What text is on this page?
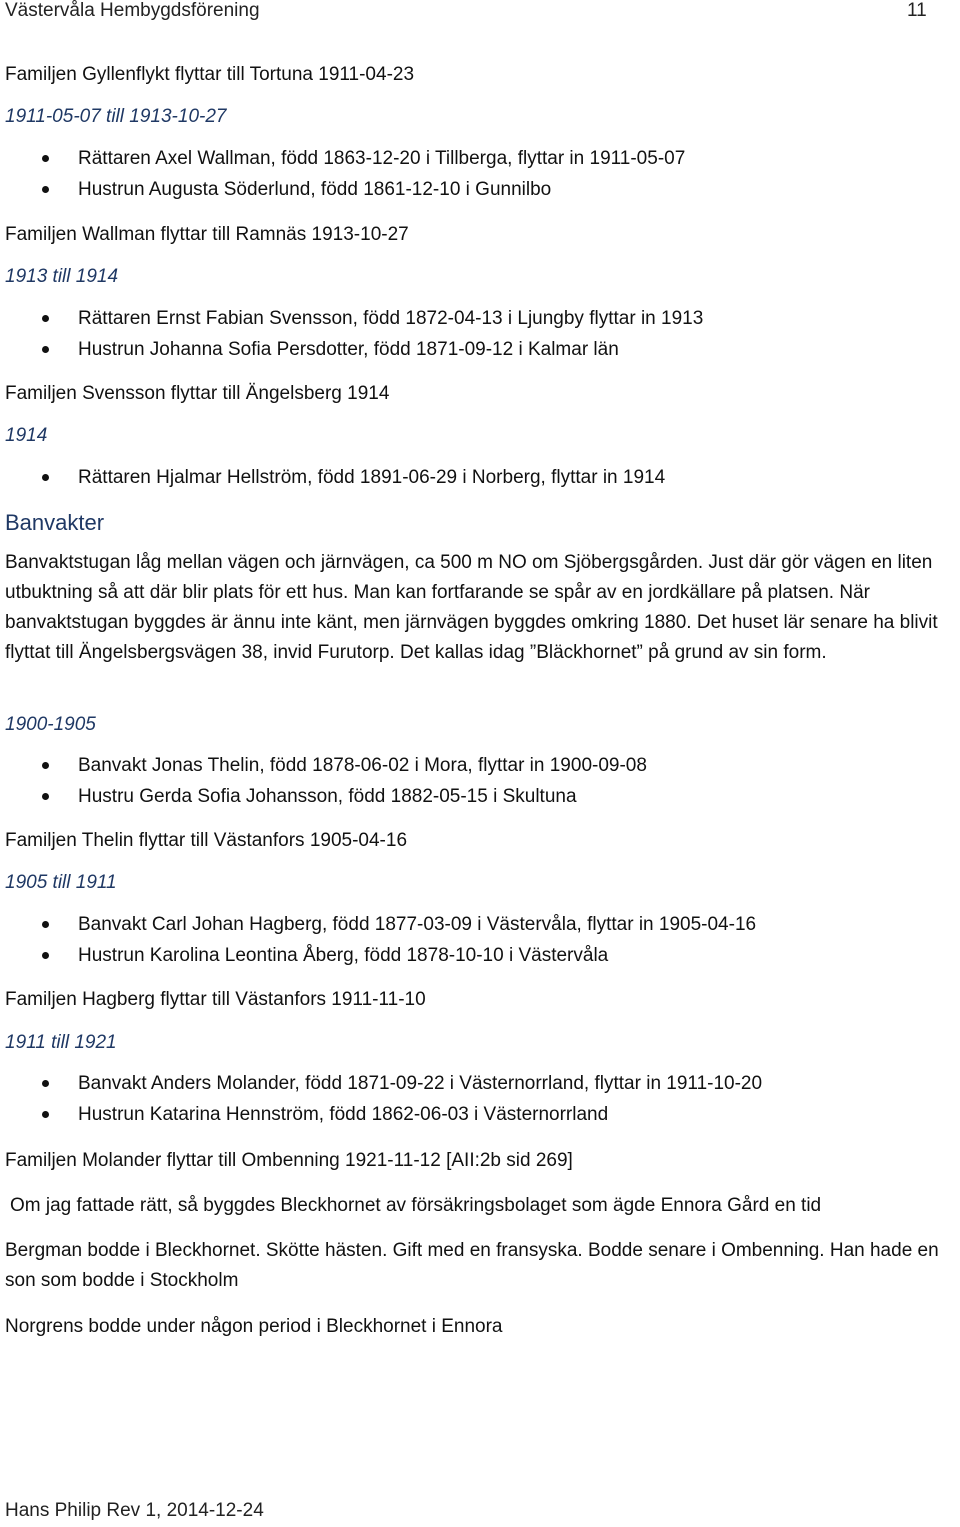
Västervåla Hembygdsförening	11
Familjen Gyllenflykt flyttar till Tortuna 1911-04-23
1911-05-07 till 1913-10-27
Rättaren Axel Wallman, född 1863-12-20 i Tillberga, flyttar in 1911-05-07
Hustrun Augusta Söderlund, född 1861-12-10 i Gunnilbo
Familjen Wallman flyttar till Ramnäs 1913-10-27
1913 till 1914
Rättaren Ernst Fabian Svensson, född 1872-04-13 i Ljungby flyttar in 1913
Hustrun Johanna Sofia Persdotter, född 1871-09-12 i Kalmar län
Familjen Svensson flyttar till Ängelsberg 1914
1914
Rättaren Hjalmar Hellström, född 1891-06-29 i Norberg, flyttar in 1914
Banvakter
Banvaktstugan låg mellan vägen och järnvägen, ca 500 m NO om Sjöbergsgården. Just där gör vägen en liten utbuktning så att där blir plats för ett hus. Man kan fortfarande se spår av en jordkällare på platsen. När banvaktstugan byggdes är ännu inte känt, men järnvägen byggdes omkring 1880. Det huset lär senare ha blivit flyttat till Ängelsbergsvägen 38, invid Furutorp. Det kallas idag ”Bläckhornet” på grund av sin form.
1900-1905
Banvakt Jonas Thelin, född 1878-06-02 i Mora, flyttar in 1900-09-08
Hustru Gerda Sofia Johansson, född 1882-05-15 i Skultuna
Familjen Thelin flyttar till Västanfors 1905-04-16
1905 till 1911
Banvakt Carl Johan Hagberg, född 1877-03-09 i Västervåla, flyttar in 1905-04-16
Hustrun Karolina Leontina Åberg, född 1878-10-10 i Västervåla
Familjen Hagberg flyttar till Västanfors 1911-11-10
1911 till 1921
Banvakt Anders Molander, född 1871-09-22 i Västernorrland, flyttar in 1911-10-20
Hustrun Katarina Hennström, född 1862-06-03 i Västernorrland
Familjen Molander flyttar till Ombenning 1921-11-12 [AII:2b sid 269]
Om jag fattade rätt, så byggdes Bleckhornet av försäkringsbolaget som ägde Ennora Gård en tid
Bergman bodde i Bleckhornet. Skötte hästen. Gift med en fransyska. Bodde senare i Ombenning. Han hade en son som bodde i Stockholm
Norgrens bodde under någon period i Bleckhornet i Ennora
Hans Philip Rev 1, 2014-12-24
